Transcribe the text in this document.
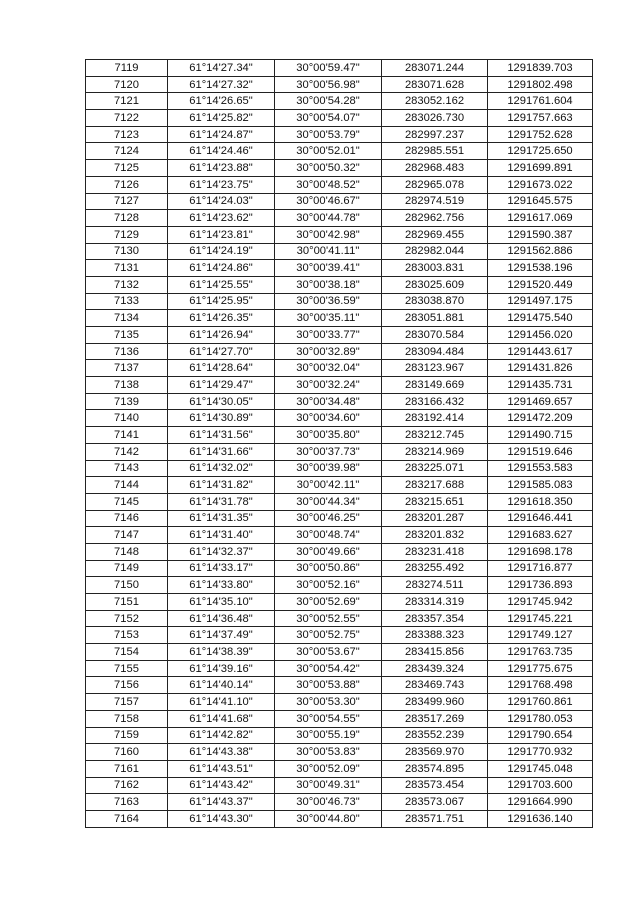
7119	61°14'27.34"	30°00'59.47"	283071.244	1291839.703
7120	61°14'27.32"	30°00'56.98"	283071.628	1291802.498
7121	61°14'26.65"	30°00'54.28"	283052.162	1291761.604
7122	61°14'25.82"	30°00'54.07"	283026.730	1291757.663
7123	61°14'24.87"	30°00'53.79"	282997.237	1291752.628
7124	61°14'24.46"	30°00'52.01"	282985.551	1291725.650
7125	61°14'23.88"	30°00'50.32"	282968.483	1291699.891
7126	61°14'23.75"	30°00'48.52"	282965.078	1291673.022
7127	61°14'24.03"	30°00'46.67"	282974.519	1291645.575
7128	61°14'23.62"	30°00'44.78"	282962.756	1291617.069
7129	61°14'23.81"	30°00'42.98"	282969.455	1291590.387
7130	61°14'24.19"	30°00'41.11"	282982.044	1291562.886
7131	61°14'24.86"	30°00'39.41"	283003.831	1291538.196
7132	61°14'25.55"	30°00'38.18"	283025.609	1291520.449
7133	61°14'25.95"	30°00'36.59"	283038.870	1291497.175
7134	61°14'26.35"	30°00'35.11"	283051.881	1291475.540
7135	61°14'26.94"	30°00'33.77"	283070.584	1291456.020
7136	61°14'27.70"	30°00'32.89"	283094.484	1291443.617
7137	61°14'28.64"	30°00'32.04"	283123.967	1291431.826
7138	61°14'29.47"	30°00'32.24"	283149.669	1291435.731
7139	61°14'30.05"	30°00'34.48"	283166.432	1291469.657
7140	61°14'30.89"	30°00'34.60"	283192.414	1291472.209
7141	61°14'31.56"	30°00'35.80"	283212.745	1291490.715
7142	61°14'31.66"	30°00'37.73"	283214.969	1291519.646
7143	61°14'32.02"	30°00'39.98"	283225.071	1291553.583
7144	61°14'31.82"	30°00'42.11"	283217.688	1291585.083
7145	61°14'31.78"	30°00'44.34"	283215.651	1291618.350
7146	61°14'31.35"	30°00'46.25"	283201.287	1291646.441
7147	61°14'31.40"	30°00'48.74"	283201.832	1291683.627
7148	61°14'32.37"	30°00'49.66"	283231.418	1291698.178
7149	61°14'33.17"	30°00'50.86"	283255.492	1291716.877
7150	61°14'33.80"	30°00'52.16"	283274.511	1291736.893
7151	61°14'35.10"	30°00'52.69"	283314.319	1291745.942
7152	61°14'36.48"	30°00'52.55"	283357.354	1291745.221
7153	61°14'37.49"	30°00'52.75"	283388.323	1291749.127
7154	61°14'38.39"	30°00'53.67"	283415.856	1291763.735
7155	61°14'39.16"	30°00'54.42"	283439.324	1291775.675
7156	61°14'40.14"	30°00'53.88"	283469.743	1291768.498
7157	61°14'41.10"	30°00'53.30"	283499.960	1291760.861
7158	61°14'41.68"	30°00'54.55"	283517.269	1291780.053
7159	61°14'42.82"	30°00'55.19"	283552.239	1291790.654
7160	61°14'43.38"	30°00'53.83"	283569.970	1291770.932
7161	61°14'43.51"	30°00'52.09"	283574.895	1291745.048
7162	61°14'43.42"	30°00'49.31"	283573.454	1291703.600
7163	61°14'43.37"	30°00'46.73"	283573.067	1291664.990
7164	61°14'43.30"	30°00'44.80"	283571.751	1291636.140
